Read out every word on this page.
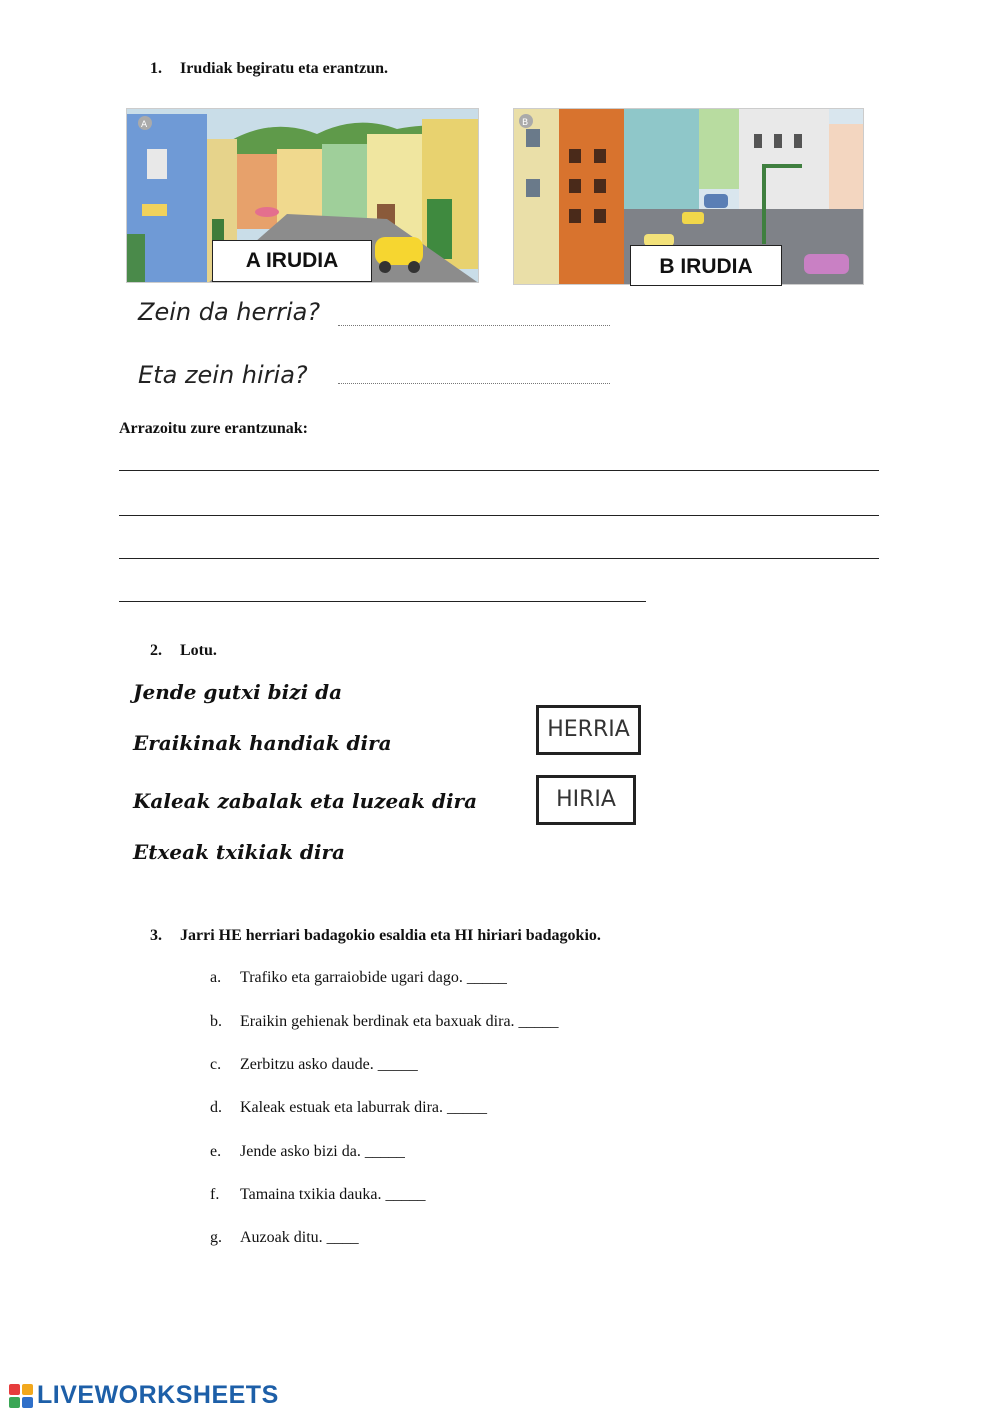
1. Irudiak begiratu eta erantzun.
A
A IRUDIA
B
B IRUDIA
Zein da herria?
Eta zein hiria?
Arrazoitu zure erantzunak:
2. Lotu.
Jende gutxi bizi da
Eraikinak handiak dira
Kaleak zabalak eta luzeak dira
Etxeak txikiak dira
HERRIA
HIRIA
3. Jarri HE herriari badagokio esaldia eta HI hiriari badagokio.
a. Trafiko eta garraiobide ugari dago. _____
b. Eraikin gehienak berdinak eta baxuak dira. _____
c. Zerbitzu asko daude. _____
d. Kaleak estuak eta laburrak dira. _____
e. Jende asko bizi da. _____
f. Tamaina txikia dauka. _____
g. Auzoak ditu. ____
LIVEWORKSHEETS
